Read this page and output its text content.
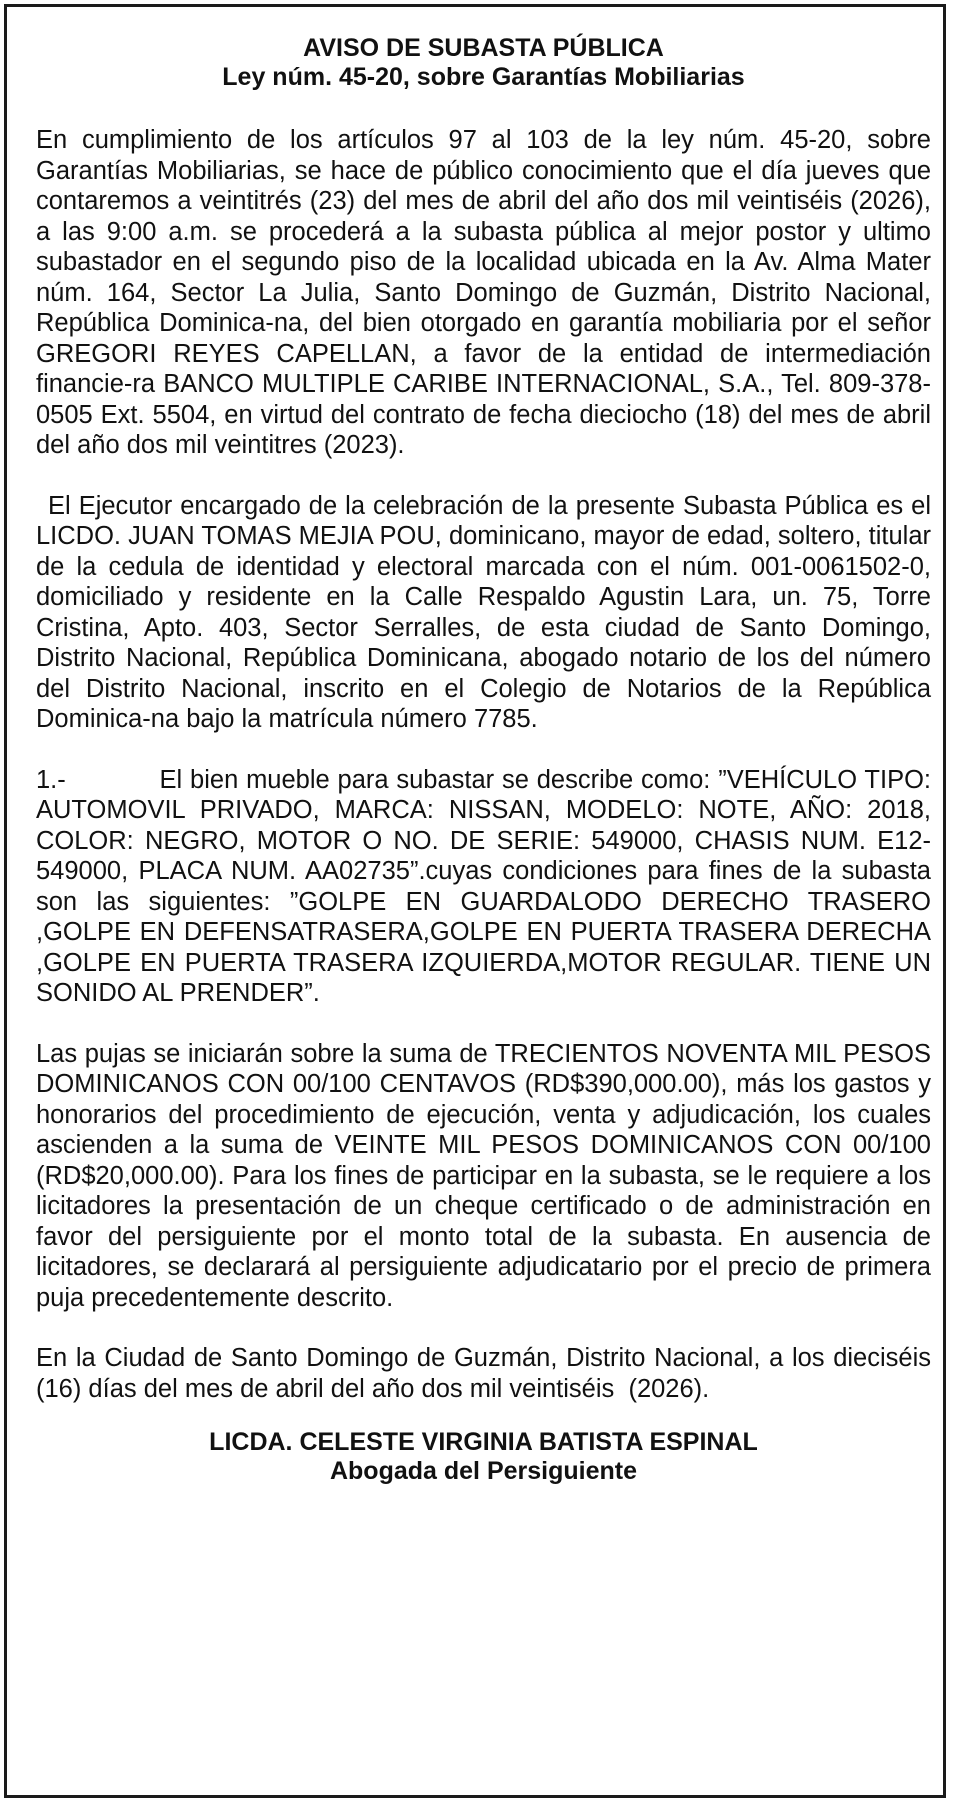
AVISO DE SUBASTA PÚBLICA
Ley núm. 45-20, sobre Garantías Mobiliarias

En cumplimiento de los artículos 97 al 103 de la ley núm. 45-20, sobre Garantías Mobiliarias, se hace de público conocimiento que el día jueves que contaremos a veintitrés (23) del mes de abril del año dos mil veintiséis (2026), a las 9:00 a.m. se procederá a la subasta pública al mejor postor y ultimo subastador en el segundo piso de la localidad ubicada en la Av. Alma Mater núm. 164, Sector La Julia, Santo Domingo de Guzmán, Distrito Nacional, República Dominica-na, del bien otorgado en garantía mobiliaria por el señor GREGORI REYES CAPELLAN, a favor de la entidad de intermediación financie-ra BANCO MULTIPLE CARIBE INTERNACIONAL, S.A., Tel. 809-378-0505 Ext. 5504, en virtud del contrato de fecha dieciocho (18) del mes de abril del año dos mil veintitres (2023).

El Ejecutor encargado de la celebración de la presente Subasta Pública es el LICDO. JUAN TOMAS MEJIA POU, dominicano, mayor de edad, soltero, titular de la cedula de identidad y electoral marcada con el núm. 001-0061502-0, domiciliado y residente en la Calle Respaldo Agustin Lara, un. 75, Torre Cristina, Apto. 403, Sector Serralles, de esta ciudad de Santo Domingo, Distrito Nacional, República Dominicana, abogado notario de los del número del Distrito Nacional, inscrito en el Colegio de Notarios de la República Dominica-na bajo la matrícula número 7785.

1.-            El bien mueble para subastar se describe como: ”VEHÍCULO TIPO: AUTOMOVIL PRIVADO, MARCA: NISSAN, MODELO: NOTE, AÑO: 2018, COLOR: NEGRO, MOTOR O NO. DE SERIE: 549000, CHASIS NUM. E12-549000, PLACA NUM. AA02735”.cuyas condiciones para fines de la subasta son las siguientes: ”GOLPE EN GUARDALODO DERECHO TRASERO ,GOLPE EN DEFENSATRASERA,GOLPE EN PUERTA TRASERA DERECHA ,GOLPE EN PUERTA TRASERA IZQUIERDA,MOTOR REGULAR. TIENE UN SONIDO AL PRENDER”.

Las pujas se iniciarán sobre la suma de TRECIENTOS NOVENTA MIL PESOS DOMINICANOS CON 00/100 CENTAVOS (RD$390,000.00), más los gastos y honorarios del procedimiento de ejecución, venta y adjudicación, los cuales ascienden a la suma de VEINTE MIL PESOS DOMINICANOS CON 00/100 (RD$20,000.00). Para los fines de participar en la subasta, se le requiere a los licitadores la presentación de un cheque certificado o de administración en favor del persiguiente por el monto total de la subasta. En ausencia de licitadores, se declarará al persiguiente adjudicatario por el precio de primera puja precedentemente descrito.

En la Ciudad de Santo Domingo de Guzmán, Distrito Nacional, a los dieciséis  (16) días del mes de abril del año dos mil veintiséis  (2026).

LICDA. CELESTE VIRGINIA BATISTA ESPINAL
Abogada del Persiguiente
